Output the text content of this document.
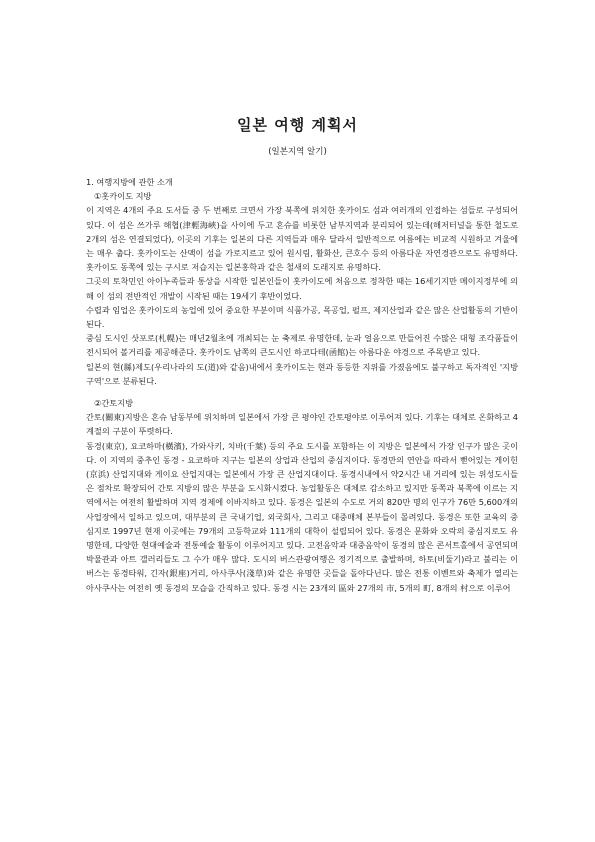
일본 여행 계획서

(일본지역 알기)

1. 여행지방에 관한 소개

①홋카이도 지방

이 지역은 4개의 주요 도서들 중 두 번째로 크면서 가장 북쪽에 위치한 홋카이도 섬과 여러개의 인접하는 섬들로 구성되어 있다. 이 섬은 쓰가루 해협(津輕海峽)을 사이에 두고 혼슈를 비롯한 남부지역과 분리되어 있는데(해저터널을 통한 철도로 2개의 섬은 연결되었다), 이곳의 기후는 일본의 다른 지역들과 매우 달라서 일반적으로 여름에는 비교적 시원하고 겨울에는 매우 춥다. 홋카이도는 산맥이 섬을 가로지르고 있어 원시림, 활화산, 큰호수 등의 아름다운 자연경관으로도 유명하다. 홋카이도 동쪽에 있는 구시로 저습지는 일본홍학과 같은 철새의 도래지로 유명하다.

그곳의 토착민인 아이누족들과 통상을 시작한 일본인들이 홋카이도에 처음으로 정착한 때는 16세기지만 메이지정부에 의해 이 섬의 전반적인 개발이 시작된 때는 19세기 후반이었다.

수렵과 임업은 홋카이도의 농업에 있어 중요한 부분이며 식품가공, 목공업, 펄프, 제지산업과 같은 많은 산업활동의 기반이 된다.

중심 도시인 삿포로(札幌)는 매년2월초에 개최되는 눈 축제로 유명한데, 눈과 얼음으로 만들어진 수많은 대형 조각품들이 전시되어 볼거리를 제공해준다. 홋카이도 남쪽의 큰도시인 하코다테(函館)는 아름다운 야경으로 주목받고 있다.

일본의 현(縣)제도(우리나라의 도(道)와 같음)내에서 홋카이도는 현과 동등한 지위를 가졌음에도 불구하고 독자적인 '지방구역'으로 분류된다.

②간토지방

간토(關東)지방은 혼슈 남동부에 위치하며 일본에서 가장 큰 평야인 간토평야로 이루어져 있다. 기후는 대체로 온화하고 4계절의 구분이 뚜렷하다.

동경(東京), 요코하마(橫濱), 가와사키, 치바(千葉) 등의 주요 도시를 포함하는 이 지방은 일본에서 가장 인구가 많은 곳이다. 이 지역의 중추인 동경 - 요코하마 지구는 일본의 상업과 산업의 중심지이다. 동경만의 연안을 따라서 뻗어있는 게이힌(京浜) 산업지대와 게이요 산업지대는 일본에서 가장 큰 산업지대이다. 동경시내에서 약2시간 내 거리에 있는 위성도시들은 점차로 확장되어 간토 지방의 많은 부분을 도시화시켰다. 농업활동은 대체로 감소하고 있지만 동쪽과 북쪽에 이르는 지역에서는 여전히 활발하며 지역 경제에 이바지하고 있다. 동경은 일본의 수도로 거의 820만 명의 인구가 76만 5,600개의 사업장에서 일하고 있으며, 대부분의 큰 국내기업, 외국회사, 그리고 대중매체 본부들이 몰려있다. 동경은 또한 교육의 중심지로 1997년 현재 이곳에는 79개의 고등학교와 111개의 대학이 설립되어 있다. 동경은 문화와 오락의 중심지로도 유명한데, 다양한 현대예술과 전통예술 활동이 이루어지고 있다. 고전음악과 대중음악이 동경의 많은 콘서트홀에서 공연되며 박물관과 아트 갤러리들도 그 수가 매우 많다. 도시의 버스관광여행은 정기적으로 출발하며, 하토(비둘기)라고 불리는 이 버스는 동경타워, 긴자(銀座)거리, 아사쿠사(淺草)와 같은 유명한 곳들을 돌아다닌다. 많은 전통 이벤트와 축제가 열리는 아사쿠사는 여전히 옛 동경의 모습을 간직하고 있다. 동경 시는 23개의 區와 27개의 市, 5개의 町, 8개의 村으로 이루어
